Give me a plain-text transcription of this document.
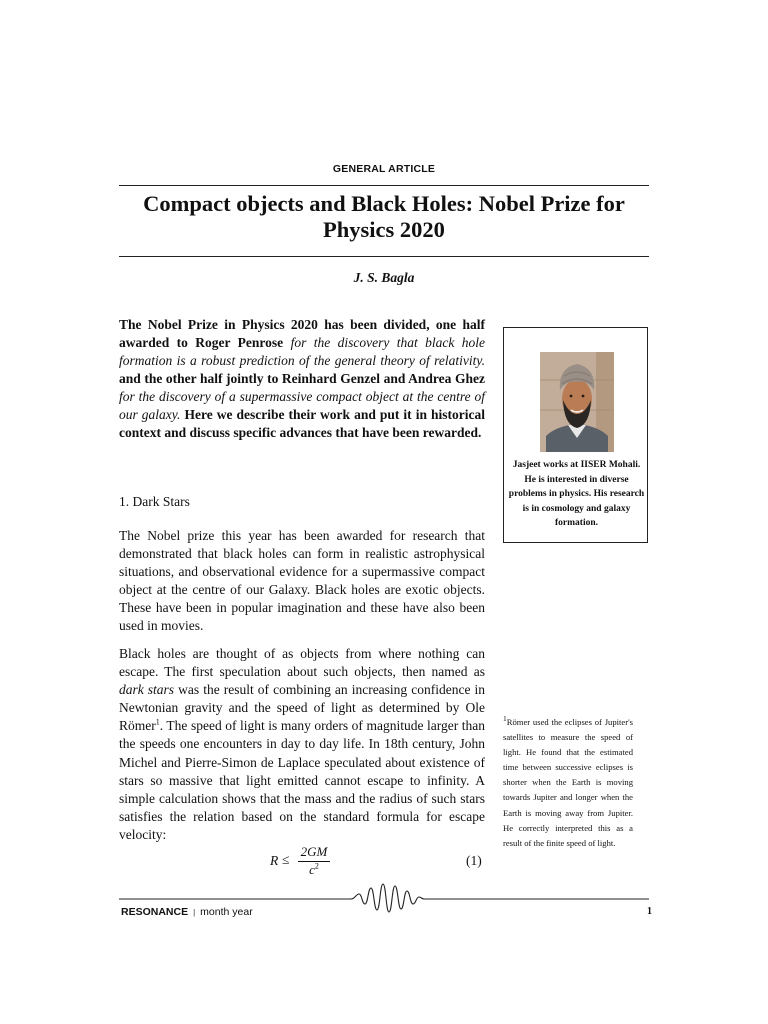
GENERAL ARTICLE
Compact objects and Black Holes: Nobel Prize for Physics 2020
J. S. Bagla
The Nobel Prize in Physics 2020 has been divided, one half awarded to Roger Penrose for the discovery that black hole formation is a robust prediction of the general theory of relativity. and the other half jointly to Reinhard Genzel and Andrea Ghez for the discovery of a supermassive compact object at the centre of our galaxy. Here we describe their work and put it in historical context and discuss specific advances that have been rewarded.
1. Dark Stars
The Nobel prize this year has been awarded for research that demonstrated that black holes can form in realistic astrophysical situations, and observational evidence for a supermassive compact object at the centre of our Galaxy. Black holes are exotic objects. These have been in popular imagination and these have also been used in movies.
Black holes are thought of as objects from where nothing can escape. The first speculation about such objects, then named as dark stars was the result of combining an increasing confidence in Newtonian gravity and the speed of light as determined by Ole Römer$^1$. The speed of light is many orders of magnitude larger than the speeds one encounters in day to day life. In 18th century, John Michel and Pierre-Simon de Laplace speculated about existence of stars so massive that light emitted cannot escape to infinity. A simple calculation shows that the mass and the radius of such stars satisfies the relation based on the standard formula for escape velocity:
R ≤
2GM
$c^2$	(1)
Jasjeet works at IISER Mohali. He is interested in diverse problems in physics. His research is in cosmology and galaxy formation.
$^1$Römer used the eclipses of Jupiter's satellites to measure the speed of light. He found that the estimated time between successive eclipses is shorter when the Earth is moving towards Jupiter and longer when the Earth is moving away from Jupiter. He correctly interpreted this as a result of the finite speed of light.
RESONANCE | month year	1
